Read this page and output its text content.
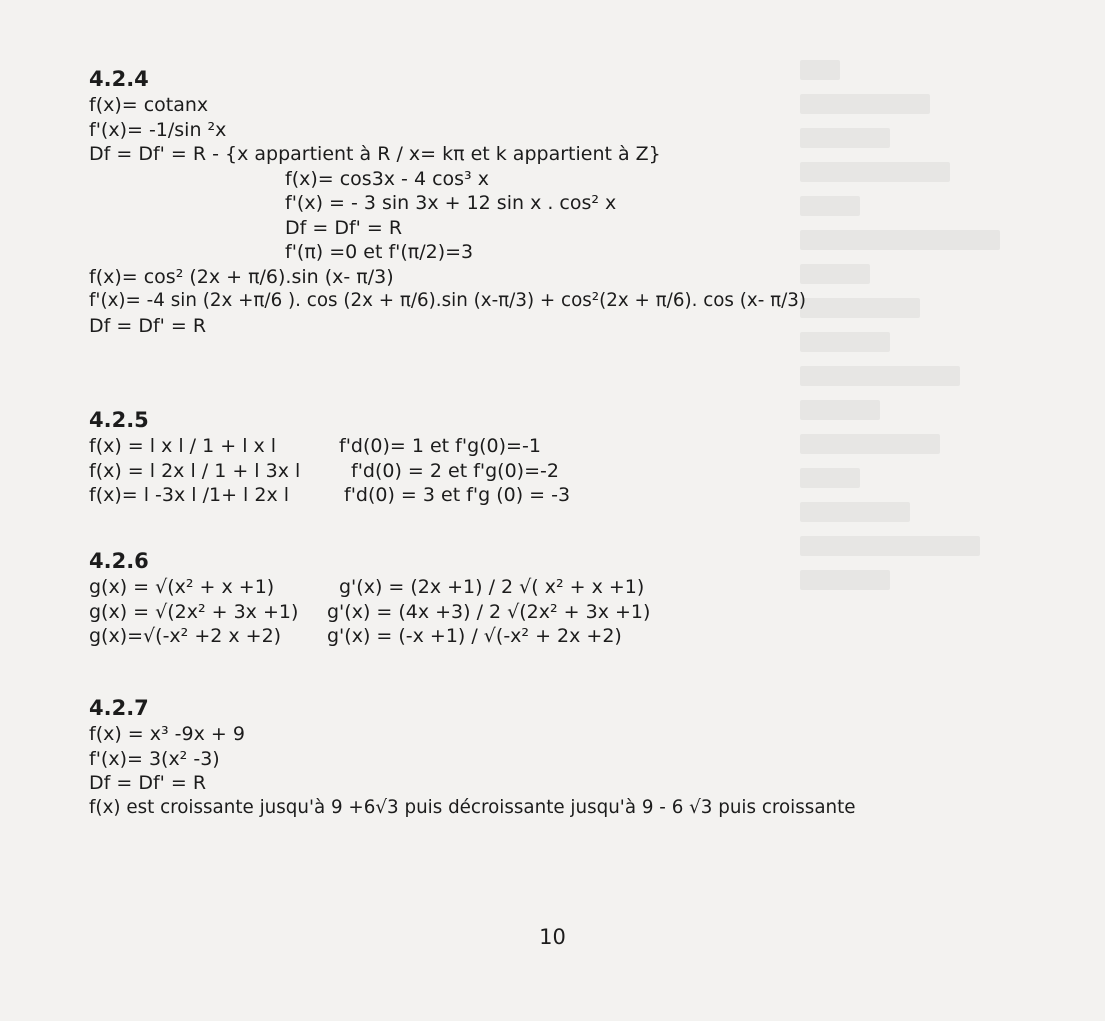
4.2.4
f(x)= cotanx
f'(x)= -1/sin ²x
Df = Df' = R - {x appartient à R / x= kπ et k appartient à Z}
f(x)= cos3x - 4 cos³ x
f'(x) = - 3 sin 3x + 12 sin x . cos² x
Df = Df' = R
f'(π) =0 et f'(π/2)=3
f(x)= cos² (2x + π/6).sin (x- π/3)
f'(x)= -4 sin (2x +π/6 ). cos (2x + π/6).sin (x-π/3) + cos²(2x + π/6). cos (x- π/3)
Df = Df' = R
4.2.5
f(x) = l x l / 1 + l x l	f'd(0)= 1 et f'g(0)=-1
f(x) = l 2x l / 1 + l 3x l	f'd(0) = 2 et f'g(0)=-2
f(x)= l -3x l /1+ l 2x l	f'd(0) = 3 et f'g (0) = -3
4.2.6
g(x) = √(x² + x +1)	g'(x) = (2x +1) / 2 √( x² + x +1)
g(x) = √(2x² + 3x +1) g'(x) = (4x +3) / 2 √(2x² + 3x +1)
g(x)=√(-x² +2 x +2) g'(x) = (-x +1) / √(-x² + 2x +2)
4.2.7
f(x) = x³ -9x + 9
f'(x)= 3(x² -3)
Df = Df' = R
f(x) est croissante jusqu'à 9 +6√3 puis décroissante jusqu'à 9 - 6 √3 puis croissante
10
